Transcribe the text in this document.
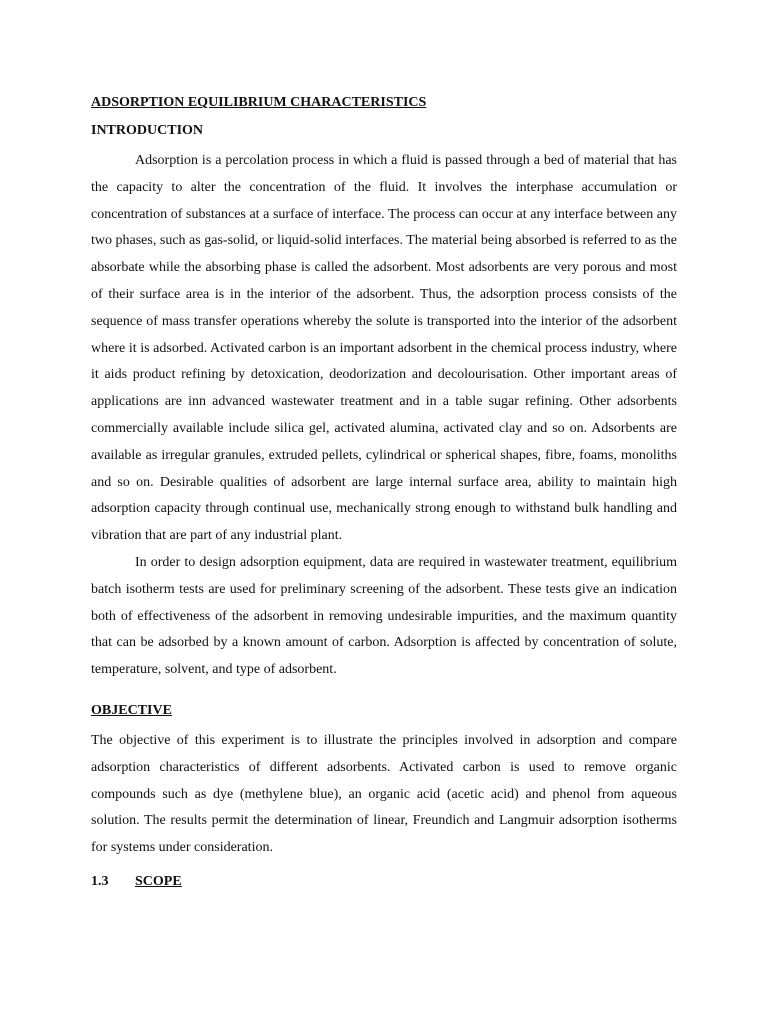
ADSORPTION EQUILIBRIUM CHARACTERISTICS

INTRODUCTION

Adsorption is a percolation process in which a fluid is passed through a bed of material that has the capacity to alter the concentration of the fluid. It involves the interphase accumulation or concentration of substances at a surface of interface. The process can occur at any interface between any two phases, such as gas-solid, or liquid-solid interfaces. The material being absorbed is referred to as the absorbate while the absorbing phase is called the adsorbent. Most adsorbents are very porous and most of their surface area is in the interior of the adsorbent. Thus, the adsorption process consists of the sequence of mass transfer operations whereby the solute is transported into the interior of the adsorbent where it is adsorbed. Activated carbon is an important adsorbent in the chemical process industry, where it aids product refining by detoxication, deodorization and decolourisation. Other important areas of applications are inn advanced wastewater treatment and in a table sugar refining. Other adsorbents commercially available include silica gel, activated alumina, activated clay and so on. Adsorbents are available as irregular granules, extruded pellets, cylindrical or spherical shapes, fibre, foams, monoliths and so on. Desirable qualities of adsorbent are large internal surface area, ability to maintain high adsorption capacity through continual use, mechanically strong enough to withstand bulk handling and vibration that are part of any industrial plant.

In order to design adsorption equipment, data are required in wastewater treatment, equilibrium batch isotherm tests are used for preliminary screening of the adsorbent. These tests give an indication both of effectiveness of the adsorbent in removing undesirable impurities, and the maximum quantity that can be adsorbed by a known amount of carbon. Adsorption is affected by concentration of solute, temperature, solvent, and type of adsorbent.

OBJECTIVE

The objective of this experiment is to illustrate the principles involved in adsorption and compare adsorption characteristics of different adsorbents. Activated carbon is used to remove organic compounds such as dye (methylene blue), an organic acid (acetic acid) and phenol from aqueous solution. The results permit the determination of linear, Freundich and Langmuir adsorption isotherms for systems under consideration.

1.3	SCOPE
